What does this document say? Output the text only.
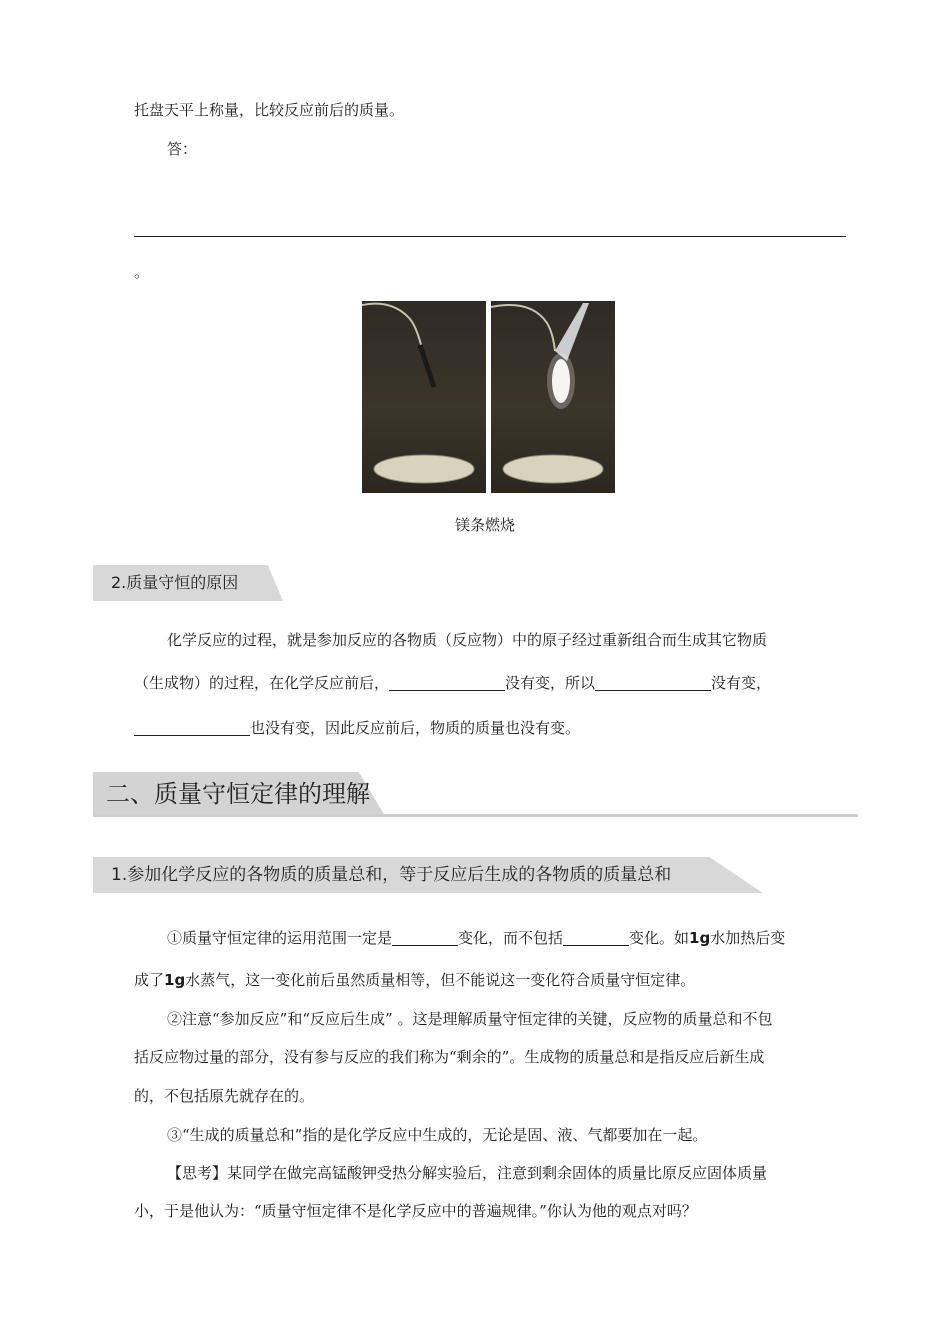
托盘天平上称量，比较反应前后的质量。
答：
。
镁条燃烧
2.质量守恒的原因
化学反应的过程，就是参加反应的各物质（反应物）中的原子经过重新组合而生成其它物质
（生成物）的过程，在化学反应前后，	没有变，所以	没有变，
也没有变，因此反应前后，物质的质量也没有变。
二、质量守恒定律的理解
1.参加化学反应的各物质的质量总和，等于反应后生成的各物质的质量总和
①质量守恒定律的运用范围一定是	变化，而不包括	变化。如1g水加热后变
成了1g水蒸气，这一变化前后虽然质量相等，但不能说这一变化符合质量守恒定律。
②注意“参加反应”和“反应后生成” 。这是理解质量守恒定律的关键，反应物的质量总和不包
括反应物过量的部分，没有参与反应的我们称为“剩余的”。生成物的质量总和是指反应后新生成
的，不包括原先就存在的。
③“生成的质量总和”指的是化学反应中生成的，无论是固、液、气都要加在一起。
【思考】某同学在做完高锰酸钾受热分解实验后，注意到剩余固体的质量比原反应固体质量
小，于是他认为：“质量守恒定律不是化学反应中的普遍规律。”你认为他的观点对吗？
